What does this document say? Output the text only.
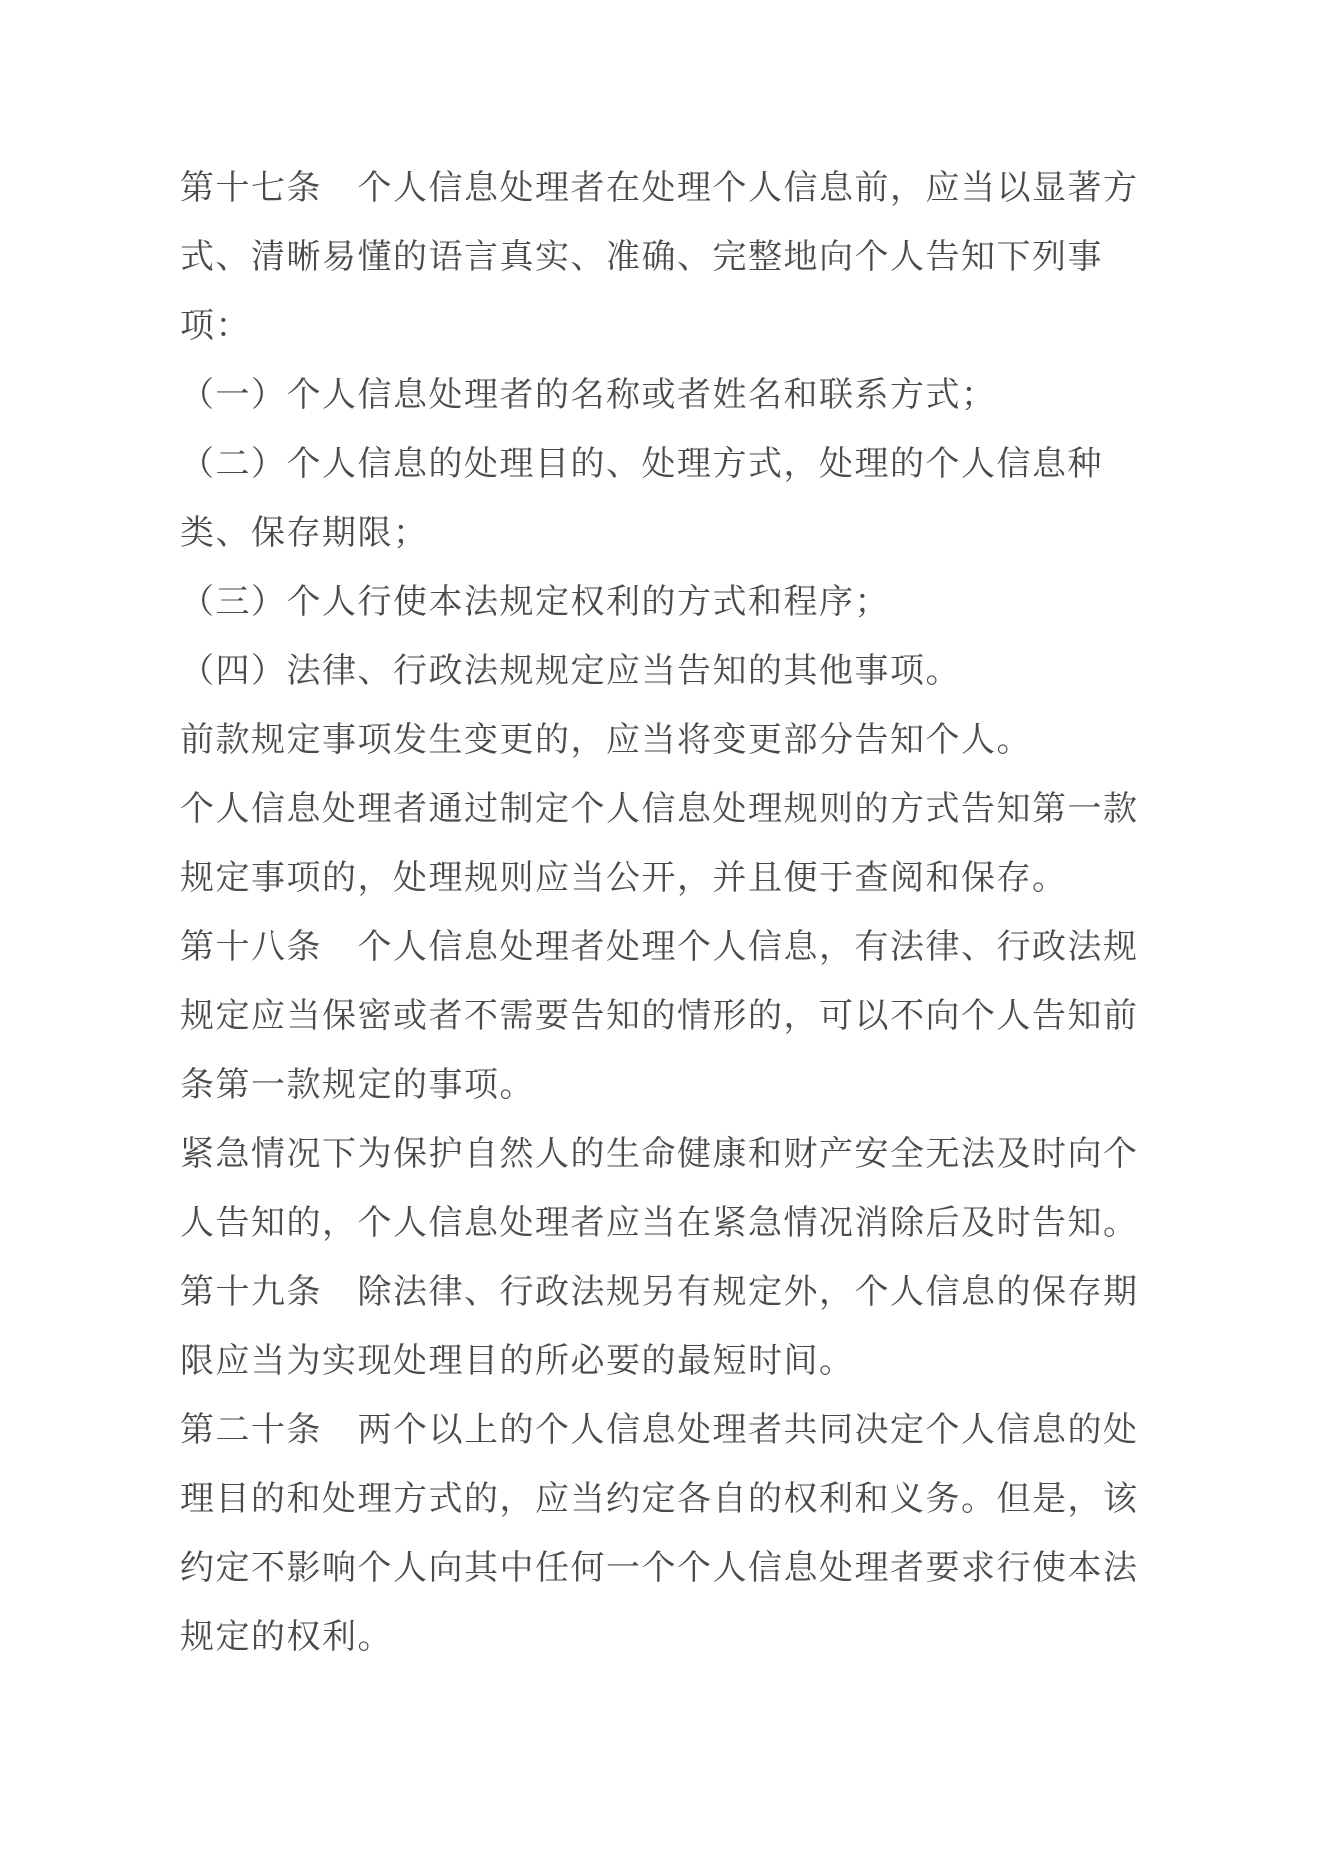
第十七条　个人信息处理者在处理个人信息前，应当以显著方

式、清晰易懂的语言真实、准确、完整地向个人告知下列事

项：

（一）个人信息处理者的名称或者姓名和联系方式；

（二）个人信息的处理目的、处理方式，处理的个人信息种

类、保存期限；

（三）个人行使本法规定权利的方式和程序；

（四）法律、行政法规规定应当告知的其他事项。

前款规定事项发生变更的，应当将变更部分告知个人。

个人信息处理者通过制定个人信息处理规则的方式告知第一款

规定事项的，处理规则应当公开，并且便于查阅和保存。

第十八条　个人信息处理者处理个人信息，有法律、行政法规

规定应当保密或者不需要告知的情形的，可以不向个人告知前

条第一款规定的事项。

紧急情况下为保护自然人的生命健康和财产安全无法及时向个

人告知的，个人信息处理者应当在紧急情况消除后及时告知。

第十九条　除法律、行政法规另有规定外，个人信息的保存期

限应当为实现处理目的所必要的最短时间。

第二十条　两个以上的个人信息处理者共同决定个人信息的处

理目的和处理方式的，应当约定各自的权利和义务。但是，该

约定不影响个人向其中任何一个个人信息处理者要求行使本法

规定的权利。
